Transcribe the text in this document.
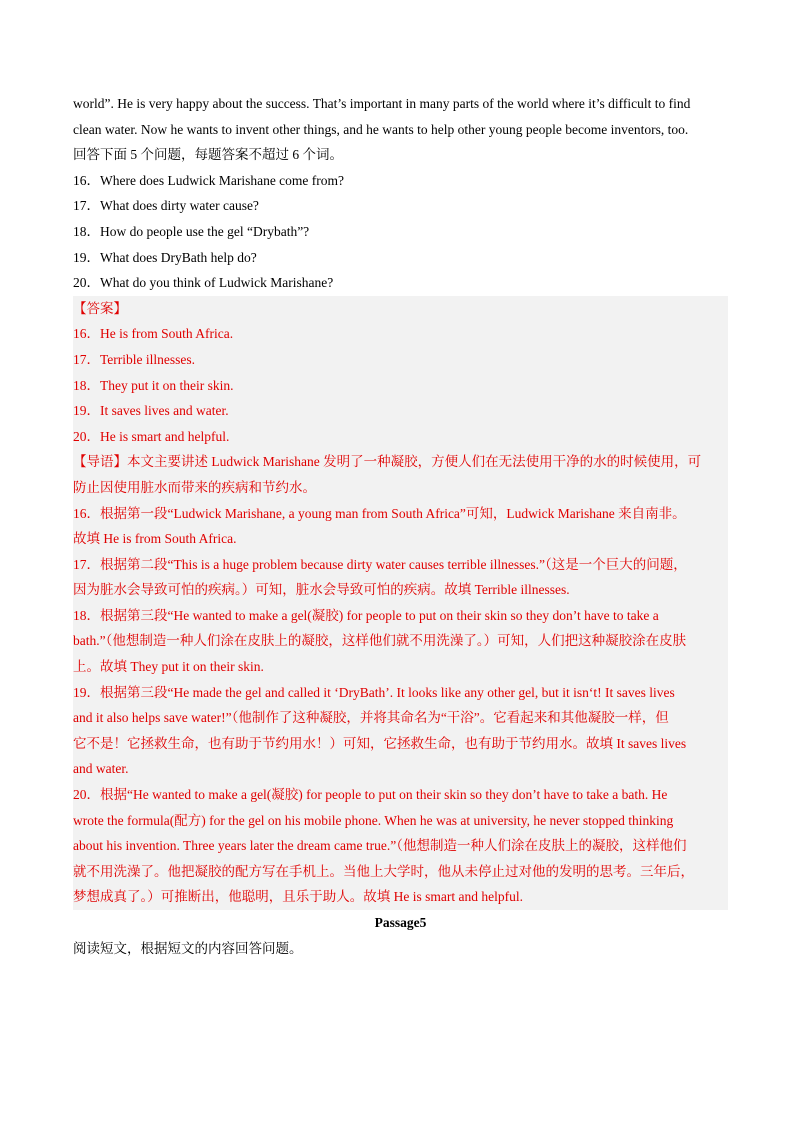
world”. He is very happy about the success. That’s important in many parts of the world where it’s difficult to find
clean water. Now he wants to invent other things, and he wants to help other young people become inventors, too.
回答下面 5 个问题，每题答案不超过 6 个词。
16．Where does Ludwick Marishane come from?
17．What does dirty water cause?
18．How do people use the gel “Drybath”?
19．What does DryBath help do?
20．What do you think of Ludwick Marishane?
【答案】
16．He is from South Africa.
17．Terrible illnesses.
18．They put it on their skin.
19．It saves lives and water.
20．He is smart and helpful.
【导语】本文主要讲述 Ludwick Marishane 发明了一种凝胶，方便人们在无法使用干净的水的时候使用，可
防止因使用脏水而带来的疾病和节约水。
16．根据第一段“Ludwick Marishane, a young man from South Africa”可知，Ludwick Marishane 来自南非。
故填 He is from South Africa.
17．根据第二段“This is a huge problem because dirty water causes terrible illnesses.”（这是一个巨大的问题，
因为脏水会导致可怕的疾病。）可知，脏水会导致可怕的疾病。故填 Terrible illnesses.
18．根据第三段“He wanted to make a gel(凝胶) for people to put on their skin so they don’t have to take a
bath.”（他想制造一种人们涂在皮肤上的凝胶，这样他们就不用洗澡了。）可知，人们把这种凝胶涂在皮肤
上。故填 They put it on their skin.
19．根据第三段“He made the gel and called it ‘DryBath’. It looks like any other gel, but it isn‘t! It saves lives
and it also helps save water!”（他制作了这种凝胶，并将其命名为“干浴”。它看起来和其他凝胶一样，但
它不是！它拯救生命，也有助于节约用水！）可知，它拯救生命，也有助于节约用水。故填 It saves lives
and water.
20．根据“He wanted to make a gel(凝胶) for people to put on their skin so they don’t have to take a bath. He
wrote the formula(配方) for the gel on his mobile phone. When he was at university, he never stopped thinking
about his invention. Three years later the dream came true.”（他想制造一种人们涂在皮肤上的凝胶，这样他们
就不用洗澡了。他把凝胶的配方写在手机上。当他上大学时，他从未停止过对他的发明的思考。三年后，
梦想成真了。）可推断出，他聪明，且乐于助人。故填 He is smart and helpful.
Passage5
阅读短文，根据短文的内容回答问题。
